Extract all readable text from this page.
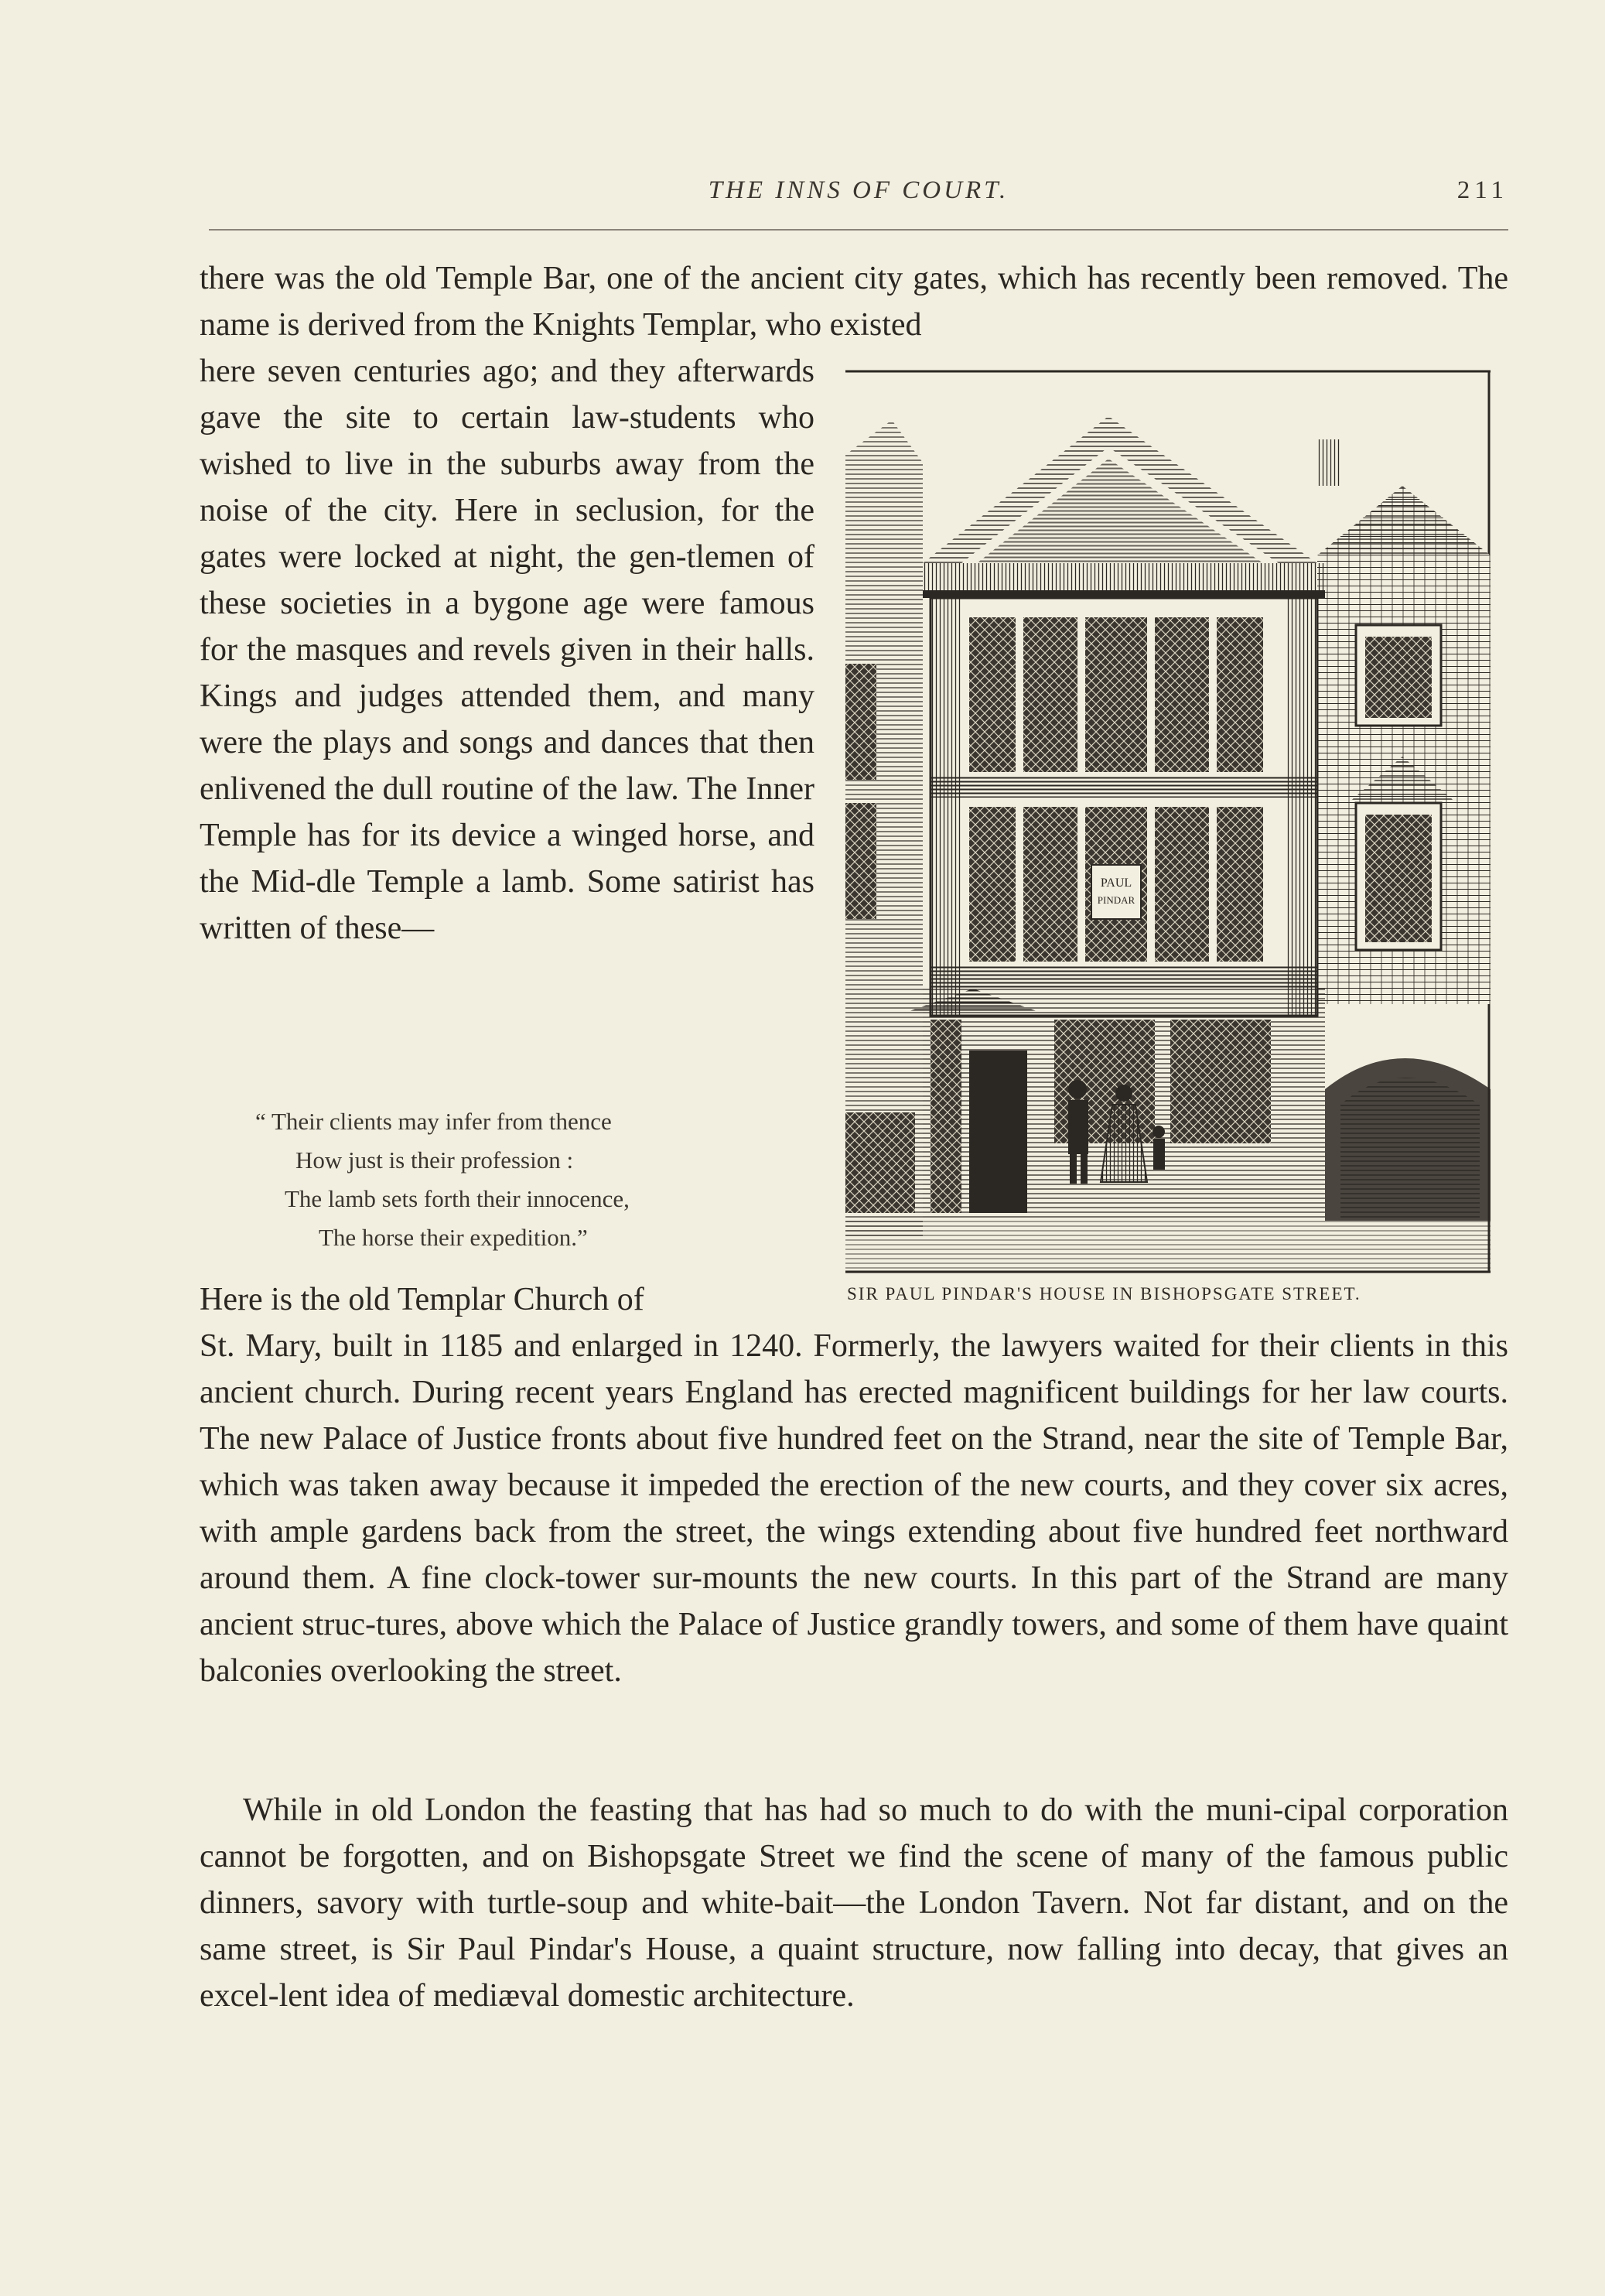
THE INNS OF COURT.	211

there was the old Temple Bar, one of the ancient city gates, which has recently been removed. The name is derived from the Knights Templar, who existed

here seven centuries ago; and they afterwards gave the site to certain law-students who wished to live in the suburbs away from the noise of the city. Here in seclusion, for the gates were locked at night, the gen-tlemen of these societies in a bygone age were famous for the masques and revels given in their halls. Kings and judges attended them, and many were the plays and songs and dances that then enlivened the dull routine of the law. The Inner Temple has for its device a winged horse, and the Mid-dle Temple a lamb. Some satirist has written of these—

“ Their clients may infer from thence
How just is their profession :
The lamb sets forth their innocence,
The horse their expedition.”

Here is the old Templar Church of

PAUL
PINDAR
SIR PAUL PINDAR'S HOUSE IN BISHOPSGATE STREET.

St. Mary, built in 1185 and enlarged in 1240. Formerly, the lawyers waited for their clients in this ancient church. During recent years England has erected magnificent buildings for her law courts. The new Palace of Justice fronts about five hundred feet on the Strand, near the site of Temple Bar, which was taken away because it impeded the erection of the new courts, and they cover six acres, with ample gardens back from the street, the wings extending about five hundred feet northward around them. A fine clock-tower sur-mounts the new courts. In this part of the Strand are many ancient struc-tures, above which the Palace of Justice grandly towers, and some of them have quaint balconies overlooking the street.

While in old London the feasting that has had so much to do with the muni-cipal corporation cannot be forgotten, and on Bishopsgate Street we find the scene of many of the famous public dinners, savory with turtle-soup and white-bait—the London Tavern. Not far distant, and on the same street, is Sir Paul Pindar's House, a quaint structure, now falling into decay, that gives an excel-lent idea of mediæval domestic architecture.
